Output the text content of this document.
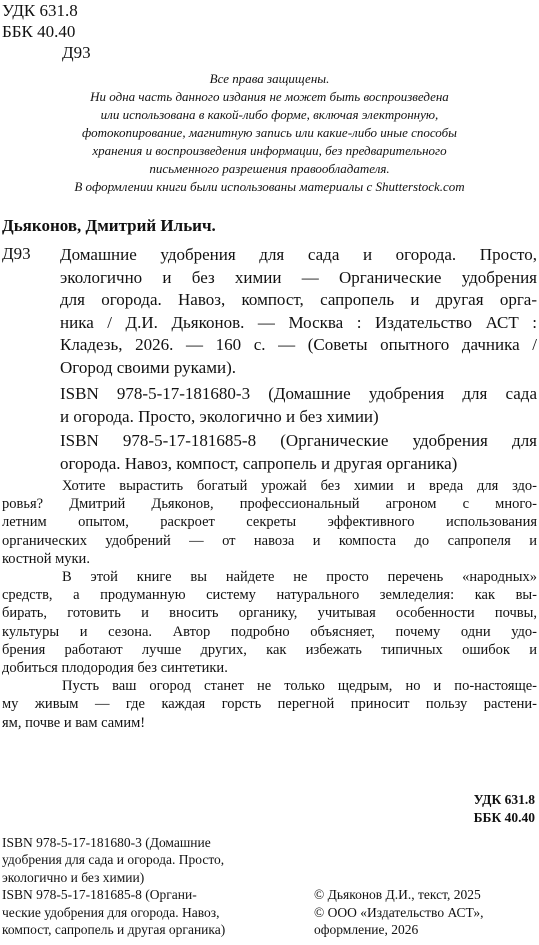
УДК 631.8
ББК 40.40
Д93
Все права защищены.
Ни одна часть данного издания не может быть воспроизведена
или использована в какой-либо форме, включая электронную,
фотокопирование, магнитную запись или какие-либо иные способы
хранения и воспроизведения информации, без предварительного
письменного разрешения правообладателя.
В оформлении книги были использованы материалы с Shutterstock.com
Дьяконов, Дмитрий Ильич.
Д93 Домашние удобрения для сада и огорода. Просто,
экологично и без химии — Органические удобрения
для огорода. Навоз, компост, сапропель и другая орга-
ника / Д.И. Дьяконов. — Москва : Издательство АСТ :
Кладезь, 2026. — 160 с. — (Советы опытного дачника /
Огород своими руками).
ISBN 978-5-17-181680-3 (Домашние удобрения для сада
и огорода. Просто, экологично и без химии)
ISBN 978-5-17-181685-8 (Органические удобрения для
огорода. Навоз, компост, сапропель и другая органика)
Хотите вырастить богатый урожай без химии и вреда для здо-
ровья? Дмитрий Дьяконов, профессиональный агроном с много-
летним опытом, раскроет секреты эффективного использования
органических удобрений — от навоза и компоста до сапропеля и
костной муки.
В этой книге вы найдете не просто перечень «народных»
средств, а продуманную систему натурального земледелия: как вы-
бирать, готовить и вносить органику, учитывая особенности почвы,
культуры и сезона. Автор подробно объясняет, почему одни удо-
брения работают лучше других, как избежать типичных ошибок и
добиться плодородия без синтетики.
Пусть ваш огород станет не только щедрым, но и по-настояще-
му живым — где каждая горсть перегной приносит пользу растени-
ям, почве и вам самим!
УДК 631.8
ББК 40.40
ISBN 978-5-17-181680-3 (Домашние
удобрения для сада и огорода. Просто,
экологично и без химии)
ISBN 978-5-17-181685-8 (Органи-
ческие удобрения для огорода. Навоз,
компост, сапропель и другая органика)
© Дьяконов Д.И., текст, 2025
© ООО «Издательство АСТ»,
оформление, 2026
